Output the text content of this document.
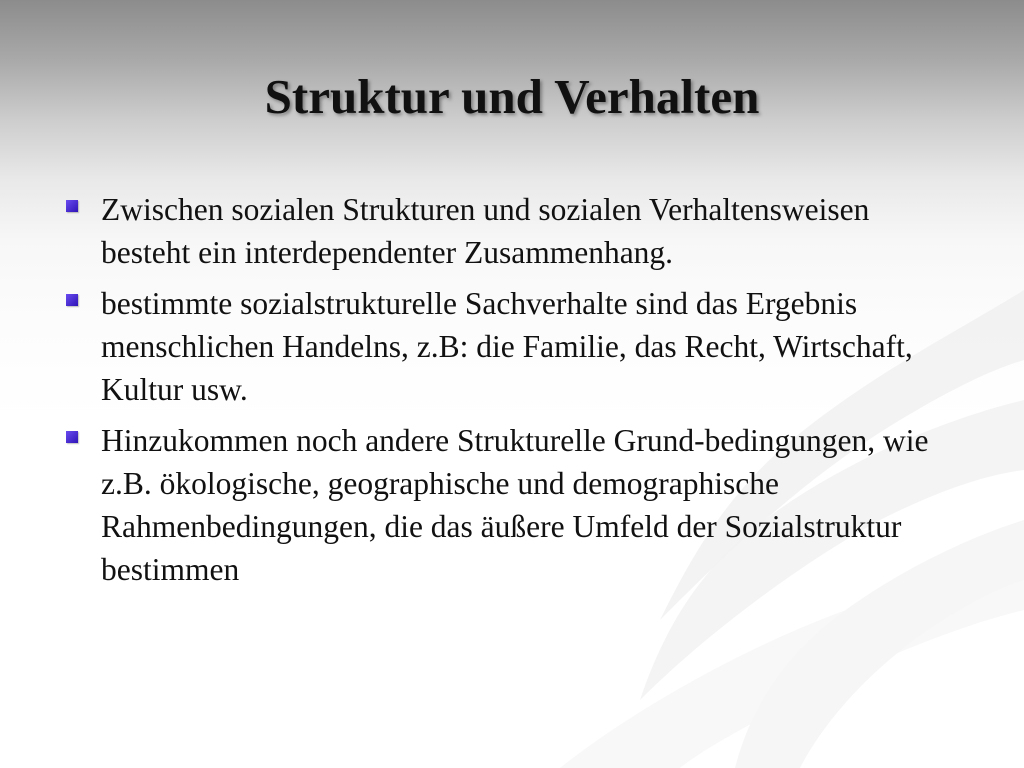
Struktur und Verhalten
Zwischen sozialen Strukturen und sozialen Verhaltensweisen besteht ein interdependenter Zusammenhang.
bestimmte sozialstrukturelle Sachverhalte sind das Ergebnis menschlichen Handelns, z.B: die Familie, das Recht, Wirtschaft, Kultur usw.
Hinzukommen noch andere Strukturelle Grund-bedingungen, wie z.B. ökologische, geographische und demographische Rahmenbedingungen, die das äußere Umfeld der Sozialstruktur bestimmen
